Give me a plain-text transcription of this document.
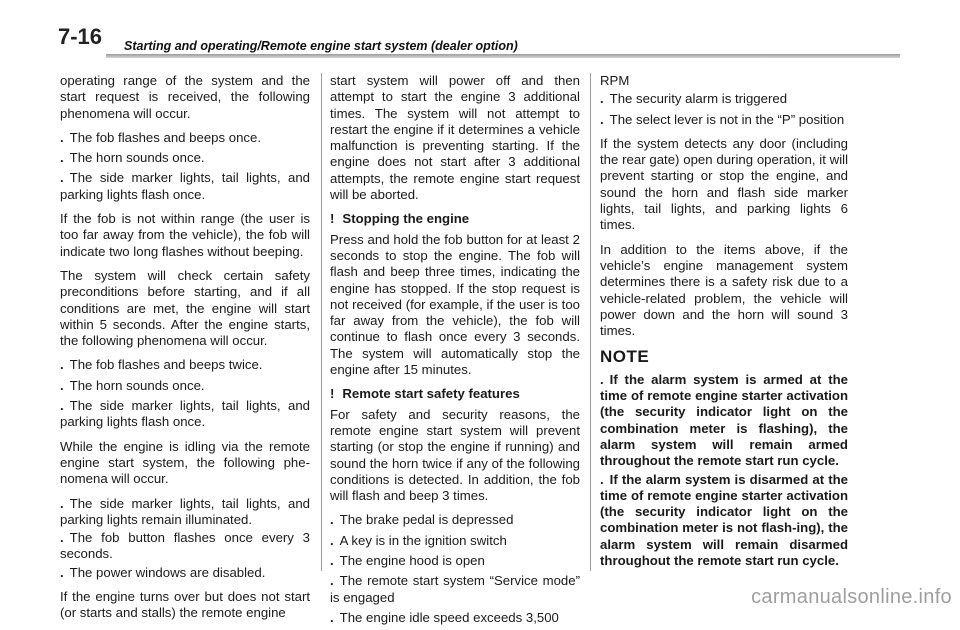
7-16 Starting and operating/Remote engine start system (dealer option)

operating range of the system and the start request is received, the following phenomena will occur.

. The fob flashes and beeps once.

. The horn sounds once.

. The side marker lights, tail lights, and parking lights flash once.

If the fob is not within range (the user is too far away from the vehicle), the fob will indicate two long flashes without beeping.

The system will check certain safety preconditions before starting, and if all conditions are met, the engine will start within 5 seconds. After the engine starts, the following phenomena will occur.

. The fob flashes and beeps twice.

. The horn sounds once.

. The side marker lights, tail lights, and parking lights flash once.

While the engine is idling via the remote engine start system, the following phe-nomena will occur.

. The side marker lights, tail lights, and parking lights remain illuminated.

. The fob button flashes once every 3 seconds.

. The power windows are disabled.

If the engine turns over but does not start (or starts and stalls) the remote engine

start system will power off and then attempt to start the engine 3 additional times. The system will not attempt to restart the engine if it determines a vehicle malfunction is preventing starting. If the engine does not start after 3 additional attempts, the remote engine start request will be aborted.

! Stopping the engine

Press and hold the fob button for at least 2 seconds to stop the engine. The fob will flash and beep three times, indicating the engine has stopped. If the stop request is not received (for example, if the user is too far away from the vehicle), the fob will continue to flash once every 3 seconds. The system will automatically stop the engine after 15 minutes.

! Remote start safety features

For safety and security reasons, the remote engine start system will prevent starting (or stop the engine if running) and sound the horn twice if any of the following conditions is detected. In addition, the fob will flash and beep 3 times.

. The brake pedal is depressed

. A key is in the ignition switch

. The engine hood is open

. The remote start system “Service mode” is engaged

. The engine idle speed exceeds 3,500

RPM

. The security alarm is triggered

. The select lever is not in the “P” position

If the system detects any door (including the rear gate) open during operation, it will prevent starting or stop the engine, and sound the horn and flash side marker lights, tail lights, and parking lights 6 times.

In addition to the items above, if the vehicle’s engine management system determines there is a safety risk due to a vehicle-related problem, the vehicle will power down and the horn will sound 3 times.

NOTE

. If the alarm system is armed at the time of remote engine starter activation (the security indicator light on the combination meter is flashing), the alarm system will remain armed throughout the remote start run cycle.

. If the alarm system is disarmed at the time of remote engine starter activation (the security indicator light on the combination meter is not flash-ing), the alarm system will remain disarmed throughout the remote start run cycle.

carmanualsonline.info
